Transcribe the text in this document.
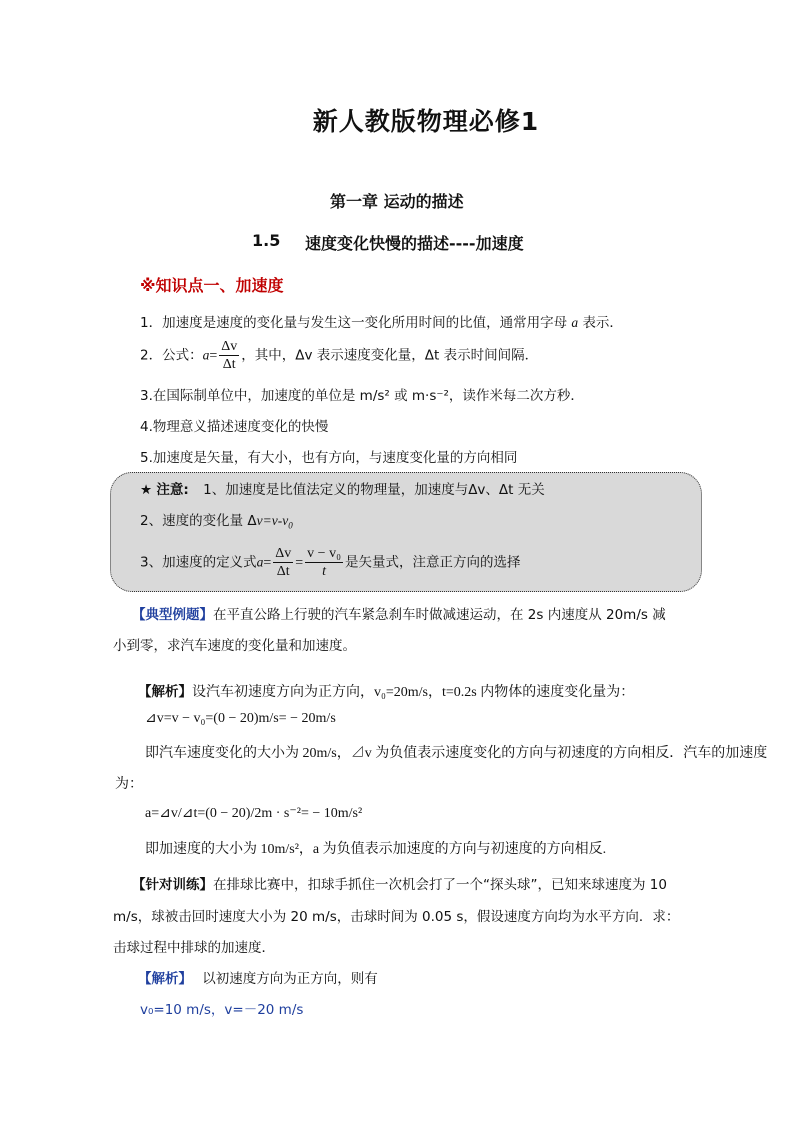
新人教版物理必修1
第一章 运动的描述
1.5 速度变化快慢的描述----加速度
※知识点一、加速度
1．加速度是速度的变化量与发生这一变化所用时间的比值，通常用字母 a 表示．
2．公式：$a= \frac{\Delta v}{\Delta t}$ ，其中，Δv 表示速度变化量，Δt 表示时间间隔．
3.在国际制单位中，加速度的单位是 m/s² 或 m·s⁻²，读作米每二次方秒．
4.物理意义描述速度变化的快慢
5.加速度是矢量，有大小，也有方向，与速度变化量的方向相同
★ 注意: 1、加速度是比值法定义的物理量，加速度与Δv、Δt 无关
2、速度的变化量 $\Delta v=v-v_0$
3、加速度的定义式$a= \frac{\Delta v}{\Delta t} = \frac{\text{v − v₀}}{t}$ 是矢量式，注意正方向的选择
【典型例题】在平直公路上行驶的汽车紧急刹车时做减速运动，在 2s 内速度从 20m/s 减
小到零，求汽车速度的变化量和加速度。
【解析】设汽车初速度方向为正方向，v₀=20m/s，t=0.2s 内物体的速度变化量为：
⊿v=v − v₀=(0 − 20)m/s= − 20m/s
即汽车速度变化的大小为 20m/s，⊿v 为负值表示速度变化的方向与初速度的方向相反．汽车的加速度
为：
a=⊿v/⊿t=(0 − 20)/2m · s⁻²= − 10m/s²
即加速度的大小为 10m/s²，a 为负值表示加速度的方向与初速度的方向相反.
【针对训练】在排球比赛中，扣球手抓住一次机会打了一个“探头球”，已知来球速度为 10
m/s，球被击回时速度大小为 20 m/s，击球时间为 0.05 s，假设速度方向均为水平方向．求：
击球过程中排球的加速度．
【解析】 以初速度方向为正方向，则有
v₀=10 m/s，v=－20 m/s
